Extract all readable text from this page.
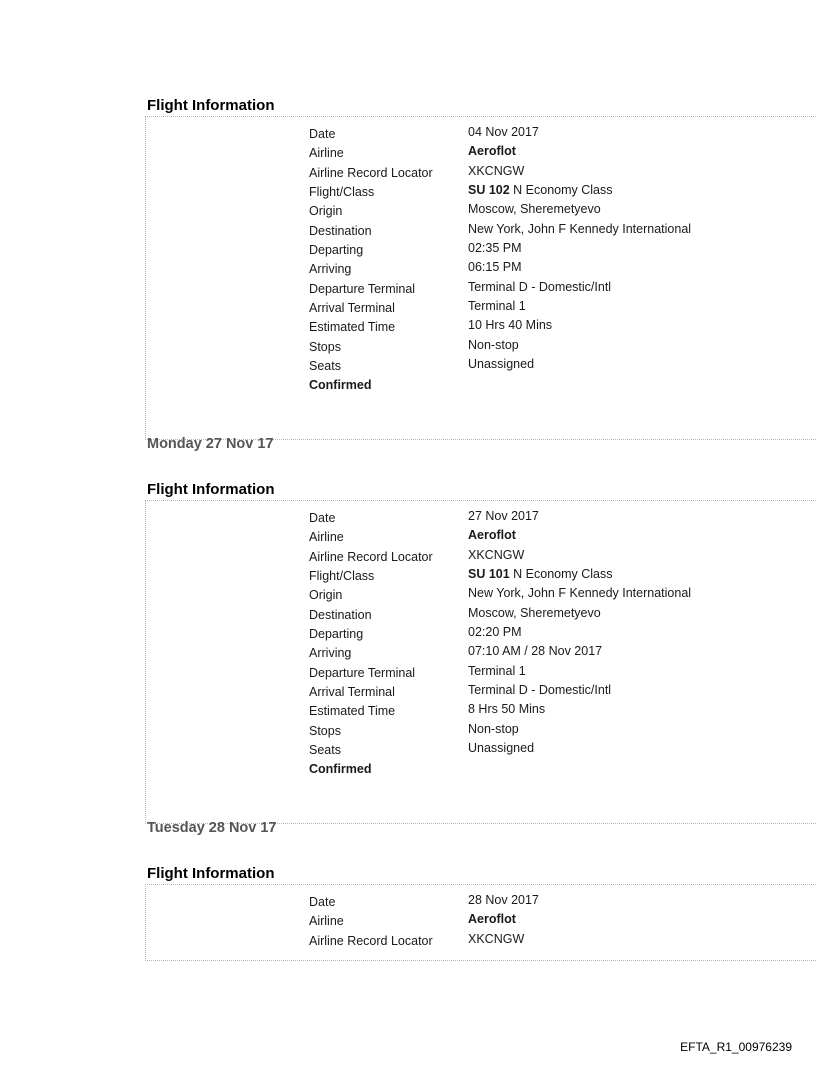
Flight Information
Date	04 Nov 2017
Airline	Aeroflot
Airline Record Locator	XKCNGW
Flight/Class	SU 102 N Economy Class
Origin	Moscow, Sheremetyevo
Destination	New York, John F Kennedy International
Departing	02:35 PM
Arriving	06:15 PM
Departure Terminal	Terminal D - Domestic/Intl
Arrival Terminal	Terminal 1
Estimated Time	10 Hrs 40 Mins
Stops	Non-stop
Seats	Unassigned
Confirmed
Monday 27 Nov 17
Flight Information
Date	27 Nov 2017
Airline	Aeroflot
Airline Record Locator	XKCNGW
Flight/Class	SU 101 N Economy Class
Origin	New York, John F Kennedy International
Destination	Moscow, Sheremetyevo
Departing	02:20 PM
Arriving	07:10 AM / 28 Nov 2017
Departure Terminal	Terminal 1
Arrival Terminal	Terminal D - Domestic/Intl
Estimated Time	8 Hrs 50 Mins
Stops	Non-stop
Seats	Unassigned
Confirmed
Tuesday 28 Nov 17
Flight Information
Date	28 Nov 2017
Airline	Aeroflot
Airline Record Locator	XKCNGW
EFTA_R1_00976239
